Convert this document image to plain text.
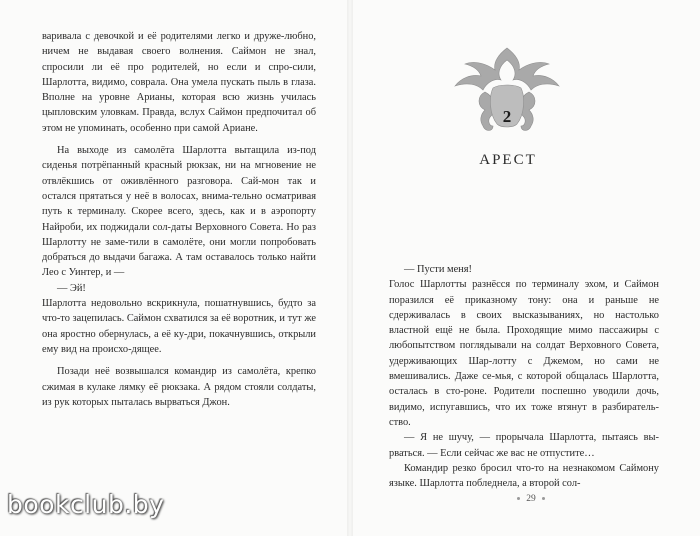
варивала с девочкой и её родителями легко и друже-любно, ничем не выдавая своего волнения. Саймон не знал, спросили ли её про родителей, но если и спро-сили, Шарлотта, видимо, соврала. Она умела пускать пыль в глаза. Вполне на уровне Арианы, которая всю жизнь училась цыпловским уловкам. Правда, вслух Саймон предпочитал об этом не упоминать, особенно при самой Ариане.

На выходе из самолёта Шарлотта вытащила из-под сиденья потрёпанный красный рюкзак, ни на мгновение не отвлёкшись от оживлённого разговора. Сай-мон так и остался прятаться у неё в волосах, внима-тельно осматривая путь к терминалу. Скорее всего, здесь, как и в аэропорту Найроби, их поджидали сол-даты Верховного Совета. Но раз Шарлотту не заме-тили в самолёте, они могли попробовать добраться до выдачи багажа. А там оставалось только найти Лео с Уинтер, и —

— Эй!

Шарлотта недовольно вскрикнула, пошатнувшись, будто за что-то зацепилась. Саймон схватился за её воротник, и тут же она яростно обернулась, а её ку-дри, покачнувшись, открыли ему вид на происхо-дящее.

Позади неё возвышался командир из самолёта, крепко сжимая в кулаке лямку её рюкзака. А рядом стояли солдаты, из рук которых пыталась вырваться Джон.

2
АРЕСТ

— Пусти меня!

Голос Шарлотты разнёсся по терминалу эхом, и Саймон поразился её приказному тону: она и раньше не сдерживалась в своих высказываниях, но настолько властной ещё не была. Проходящие мимо пассажиры с любопытством поглядывали на солдат Верховного Совета, удерживающих Шар-лотту с Джемом, но сами не вмешивались. Даже се-мья, с которой общалась Шарлотта, осталась в сто-роне. Родители поспешно уводили дочь, видимо, испугавшись, что их тоже втянут в разбиратель-ство.

— Я не шучу, — прорычала Шарлотта, пытаясь вы-рваться. — Если сейчас же вас не отпустите…

Командир резко бросил что-то на незнакомом Саймону языке. Шарлотта побледнела, а второй сол-

29
bookclub.by
